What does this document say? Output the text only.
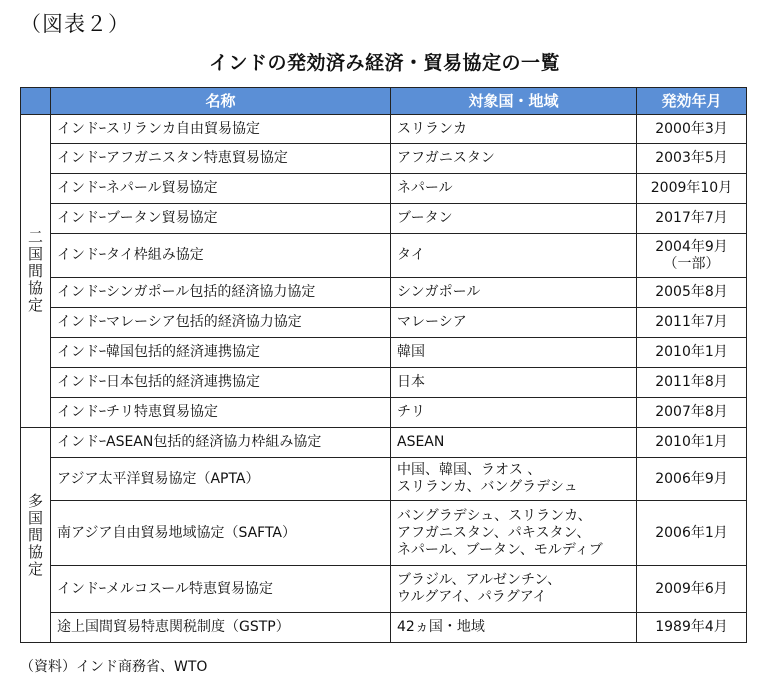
（図表２）
インドの発効済み経済・貿易協定の一覧
	名称	対象国・地域	発効年月

二
国
間
協
定	インドｰスリランカ自由貿易協定	スリランカ	2000年3月

	インドｰアフガニスタン特恵貿易協定	アフガニスタン	2003年5月

	インドｰネパール貿易協定	ネパール	2009年10月

	インドｰブータン貿易協定	ブータン	2017年7月

	インドｰタイ枠組み協定	タイ	2004年9月
（一部）

	インドｰシンガポール包括的経済協力協定	シンガポール	2005年8月

	インドｰマレーシア包括的経済協力協定	マレーシア	2011年7月

	インドｰ韓国包括的経済連携協定	韓国	2010年1月

	インドｰ日本包括的経済連携協定	日本	2011年8月

	インドｰチリ特恵貿易協定	チリ	2007年8月

多
国
間
協
定	インドｰASEAN包括的経済協力枠組み協定	ASEAN	2010年1月

	アジア太平洋貿易協定（APTA）	中国、韓国、ラオス 、
スリランカ、バングラデシュ	2006年9月

	南アジア自由貿易地域協定（SAFTA）	バングラデシュ、スリランカ、
アフガニスタン、パキスタン、
ネパール、ブータン、モルディブ	2006年1月

	インドｰメルコスール特恵貿易協定	ブラジル、アルゼンチン、
ウルグアイ、パラグアイ	2009年6月

	途上国間貿易特恵関税制度（GSTP）	42ヵ国・地域	1989年4月
（資料）インド商務省、WTO
